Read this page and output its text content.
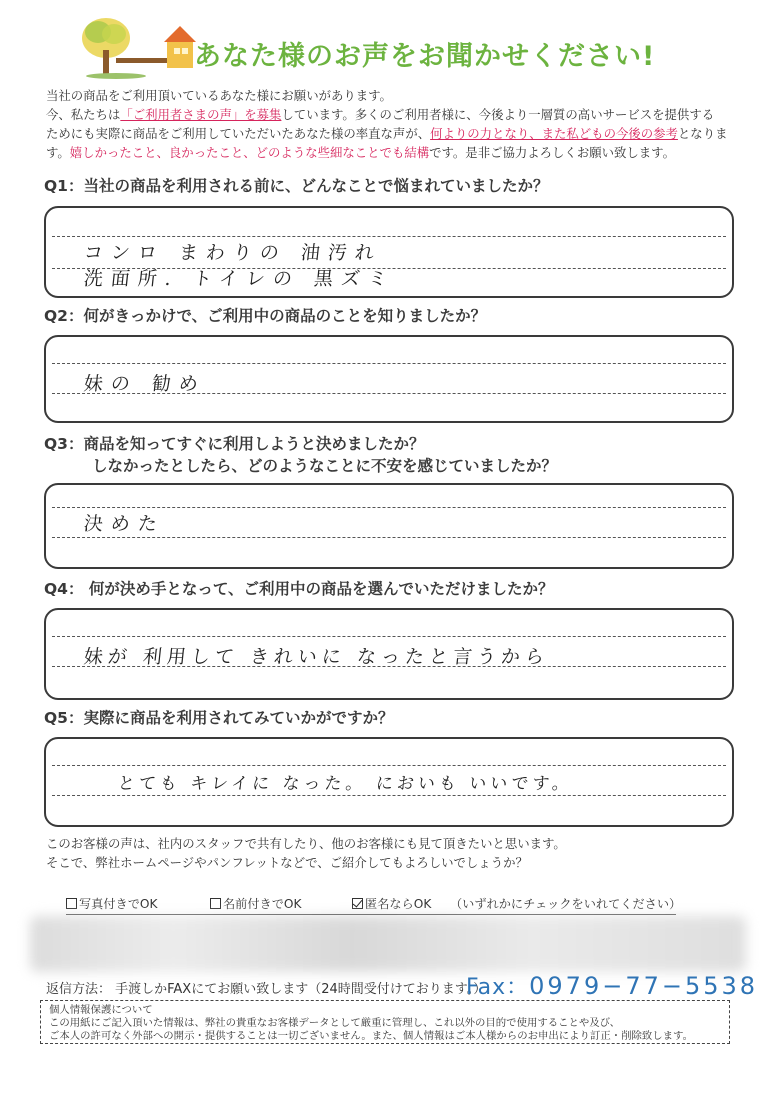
あなた様のお声をお聞かせください!
当社の商品をご利用頂いているあなた様にお願いがあります。
今、私たちは「ご利用者さまの声」を募集しています。多くのご利用者様に、今後より一層質の高いサービスを提供する
ためにも実際に商品をご利用していただいたあなた様の率直な声が、何よりの力となり、また私どもの今後の参考となりま
す。嬉しかったこと、良かったこと、どのような些細なことでも結構です。是非ご協力よろしくお願い致します。
Q1：当社の商品を利用される前に、どんなことで悩まれていましたか？
コンロ まわりの 油汚れ
洗面所. トイレの 黒ズミ
Q2：何がきっかけで、ご利用中の商品のことを知りましたか？
妹の 勧め
Q3：商品を知ってすぐに利用しようと決めましたか？
しなかったとしたら、どのようなことに不安を感じていましたか？
決めた
Q4： 何が決め手となって、ご利用中の商品を選んでいただけましたか？
妹が 利用して きれいに なったと言うから
Q5：実際に商品を利用されてみていかがですか？
とても キレイに なった。 においも いいです。
このお客様の声は、社内のスタッフで共有したり、他のお客様にも見て頂きたいと思います。
そこで、弊社ホームページやパンフレットなどで、ご紹介してもよろしいでしょうか？
写真付きでOK	名前付きでOK	匿名ならOK （いずれかにチェックをいれてください）
返信方法： 手渡しかFAXにてお願い致します（24時間受付けております。）
Fax：0979−77−5538
個人情報保護について
この用紙にご記入頂いた情報は、弊社の貴重なお客様データとして厳重に管理し、これ以外の目的で使用することや及び、
ご本人の許可なく外部への開示・提供することは一切ございません。また、個人情報はご本人様からのお申出により訂正・削除致します。
